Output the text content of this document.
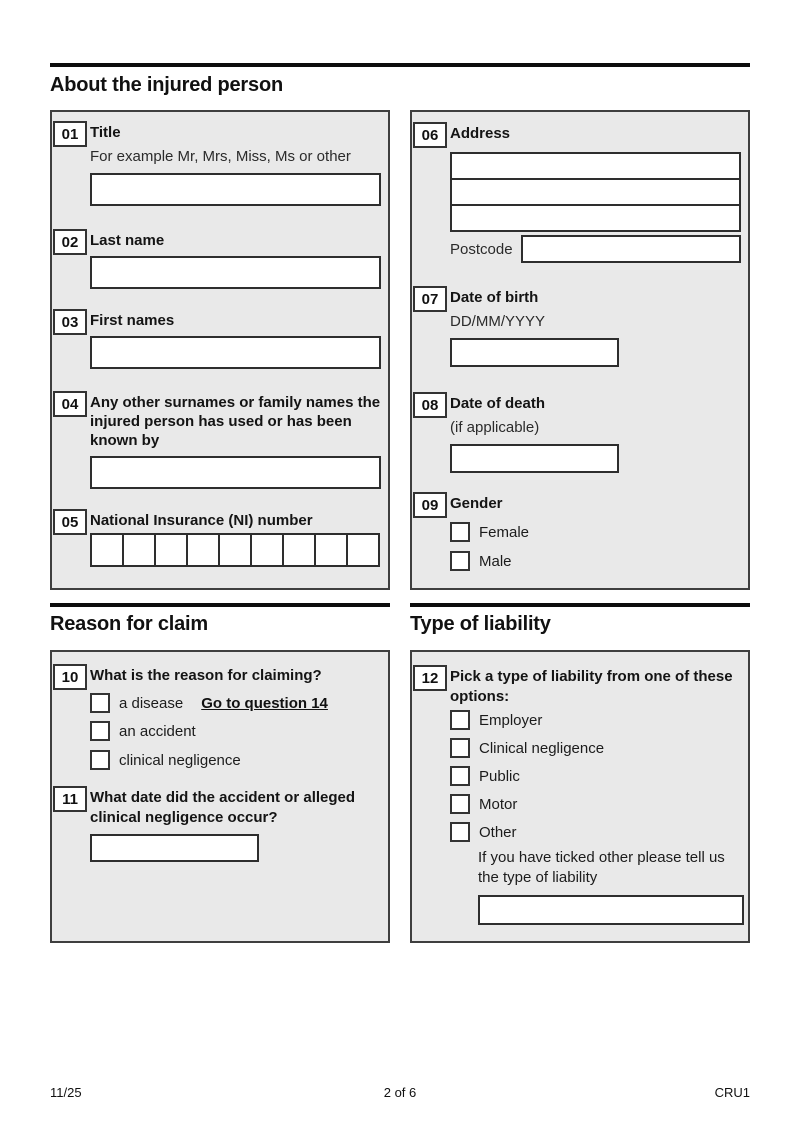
About the injured person
01 Title
For example Mr, Mrs, Miss, Ms or other
02 Last name
03 First names
04 Any other surnames or family names the injured person has used or has been known by
05 National Insurance (NI) number
06 Address
Postcode
07 Date of birth
DD/MM/YYYY
08 Date of death
(if applicable)
09 Gender
Female
Male
Reason for claim
10 What is the reason for claiming?
a disease Go to question 14
an accident
clinical negligence
11 What date did the accident or alleged clinical negligence occur?
Type of liability
12 Pick a type of liability from one of these options:
Employer
Clinical negligence
Public
Motor
Other
If you have ticked other please tell us the type of liability
11/25	2 of 6	CRU1
